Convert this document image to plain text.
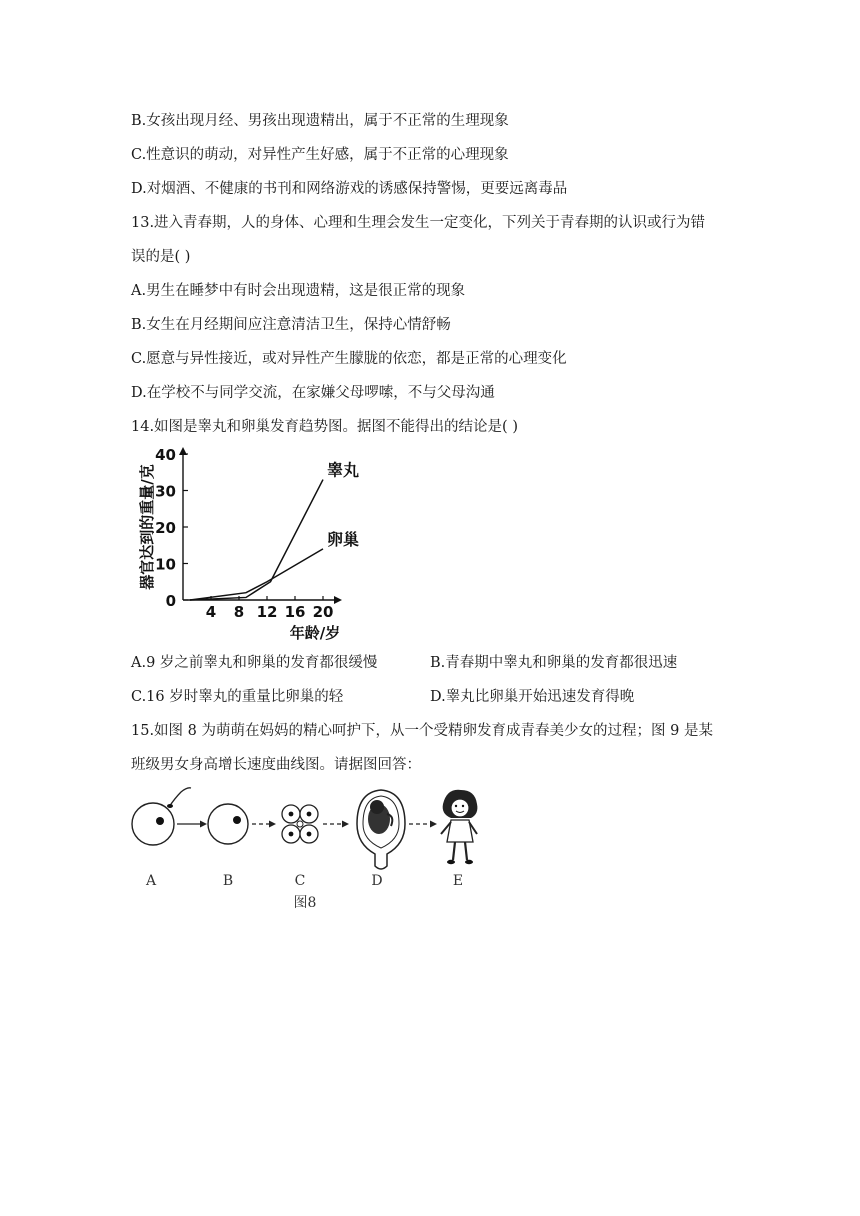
B.女孩出现月经、男孩出现遗精出，属于不正常的生理现象
C.性意识的萌动，对异性产生好感，属于不正常的心理现象
D.对烟酒、不健康的书刊和网络游戏的诱感保持警惕，更要远离毒品
13.进入青春期，人的身体、心理和生理会发生一定变化，下列关于青春期的认识或行为错
误的是( )
A.男生在睡梦中有时会出现遗精，这是很正常的现象
B.女生在月经期间应注意清洁卫生，保持心情舒畅
C.愿意与异性接近，或对异性产生朦胧的依恋，都是正常的心理变化
D.在学校不与同学交流，在家嫌父母啰嗦，不与父母沟通
14.如图是睾丸和卵巢发育趋势图。据图不能得出的结论是( )
器官达到的重量/克
0
10
20
30
40
4 8 12 16 20
睾丸
卵巢
年龄/岁
A.9 岁之前睾丸和卵巢的发育都很缓慢	B.青春期中睾丸和卵巢的发育都很迅速
C.16 岁时睾丸的重量比卵巢的轻	D.睾丸比卵巢开始迅速发育得晚
15.如图 8 为萌萌在妈妈的精心呵护下，从一个受精卵发育成青春美少女的过程；图 9 是某
班级男女身高增长速度曲线图。请据图回答：
A	B	C	D	E
图8
